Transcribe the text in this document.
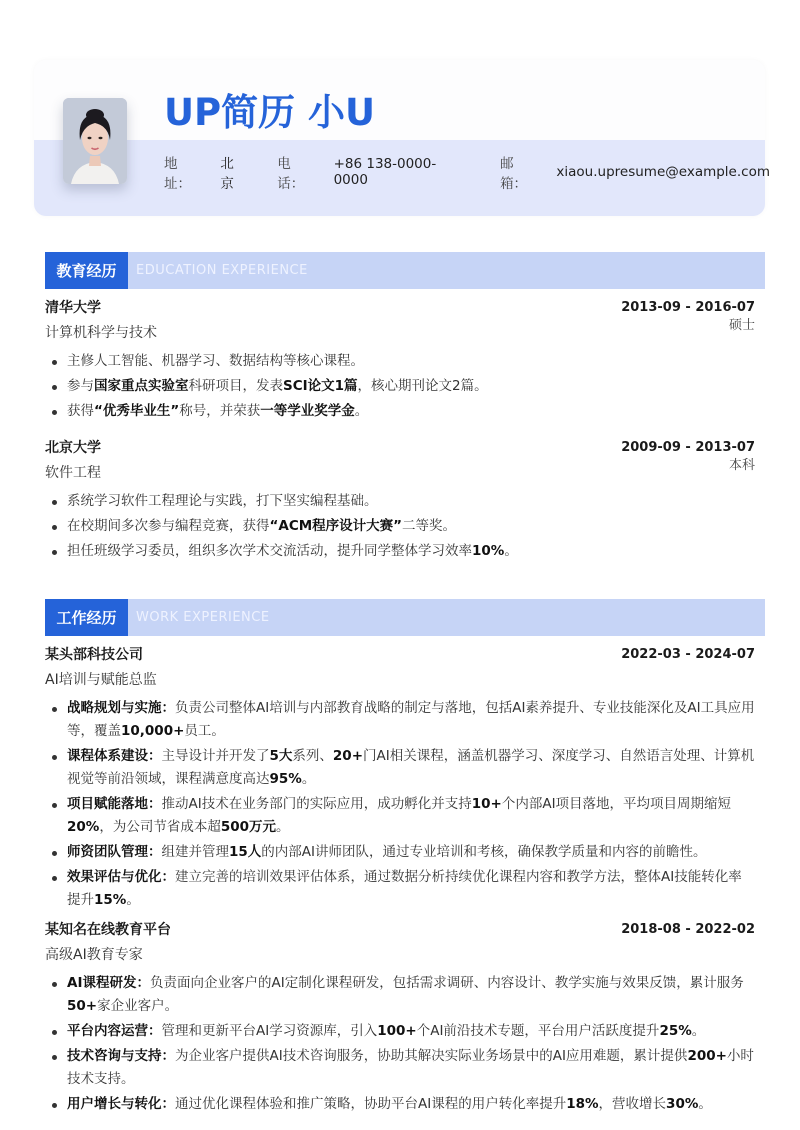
UP简历 小U
地址：
北京
电话：
+86 138-0000-0000
邮箱：
xiaou.upresume@example.com
教育经历	EDUCATION EXPERIENCE
清华大学	2013-09 - 2016-07
计算机科学与技术	硕士
主修人工智能、机器学习、数据结构等核心课程。
参与国家重点实验室科研项目，发表SCI论文1篇，核心期刊论文2篇。
获得“优秀毕业生”称号，并荣获一等学业奖学金。
北京大学	2009-09 - 2013-07
软件工程	本科
系统学习软件工程理论与实践，打下坚实编程基础。
在校期间多次参与编程竞赛，获得“ACM程序设计大赛”二等奖。
担任班级学习委员，组织多次学术交流活动，提升同学整体学习效率10%。
工作经历	WORK EXPERIENCE
某头部科技公司	2022-03 - 2024-07
AI培训与赋能总监
战略规划与实施：负责公司整体AI培训与内部教育战略的制定与落地，包括AI素养提升、专业技能深化及AI工具应用等，覆盖10,000+员工。
课程体系建设：主导设计并开发了5大系列、20+门AI相关课程，涵盖机器学习、深度学习、自然语言处理、计算机视觉等前沿领域，课程满意度高达95%。
项目赋能落地：推动AI技术在业务部门的实际应用，成功孵化并支持10+个内部AI项目落地，平均项目周期缩短20%，为公司节省成本超500万元。
师资团队管理：组建并管理15人的内部AI讲师团队，通过专业培训和考核，确保教学质量和内容的前瞻性。
效果评估与优化：建立完善的培训效果评估体系，通过数据分析持续优化课程内容和教学方法，整体AI技能转化率提升15%。
某知名在线教育平台	2018-08 - 2022-02
高级AI教育专家
AI课程研发：负责面向企业客户的AI定制化课程研发，包括需求调研、内容设计、教学实施与效果反馈，累计服务50+家企业客户。
平台内容运营：管理和更新平台AI学习资源库，引入100+个AI前沿技术专题，平台用户活跃度提升25%。
技术咨询与支持：为企业客户提供AI技术咨询服务，协助其解决实际业务场景中的AI应用难题，累计提供200+小时技术支持。
用户增长与转化：通过优化课程体验和推广策略，协助平台AI课程的用户转化率提升18%，营收增长30%。
